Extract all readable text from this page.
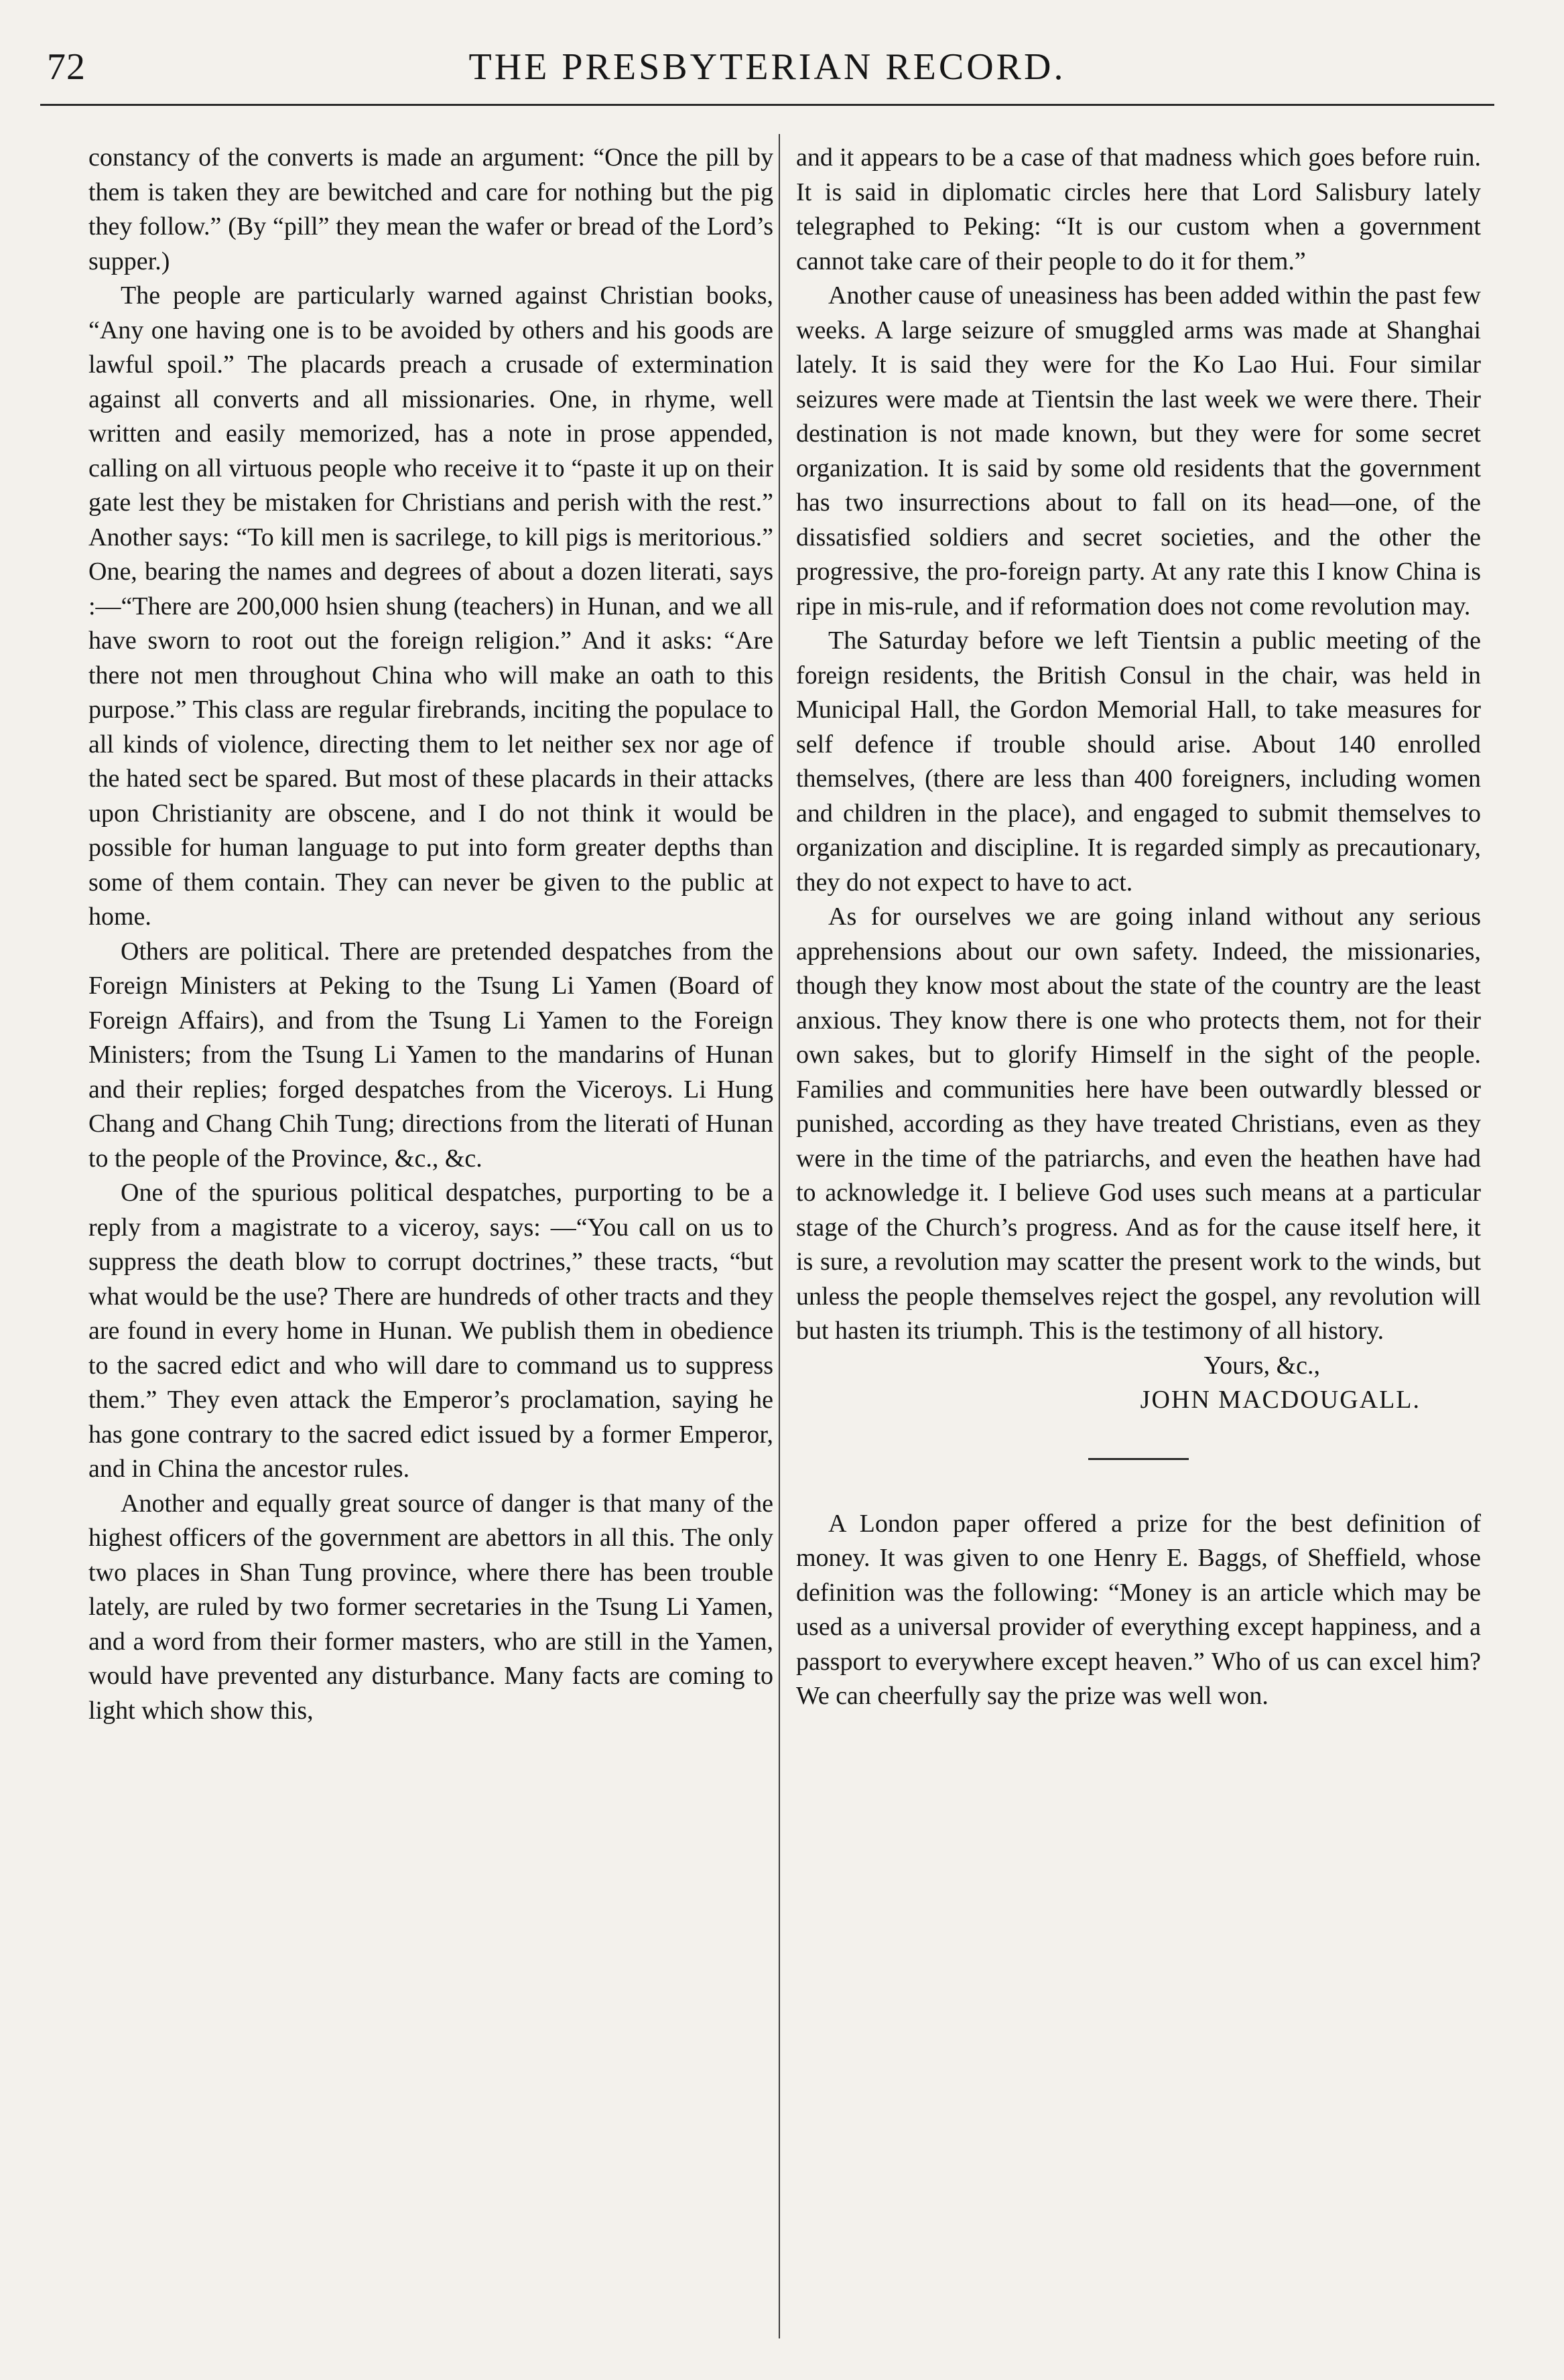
72	THE PRESBYTERIAN RECORD.

constancy of the converts is made an argument: “Once the pill by them is taken they are bewitched and care for nothing but the pig they follow.” (By “pill” they mean the wafer or bread of the Lord’s supper.)

The people are particularly warned against Christian books, “Any one having one is to be avoided by others and his goods are lawful spoil.” The placards preach a crusade of extermination against all converts and all missionaries. One, in rhyme, well written and easily memorized, has a note in prose appended, calling on all virtuous people who receive it to “paste it up on their gate lest they be mistaken for Christians and perish with the rest.” Another says: “To kill men is sacrilege, to kill pigs is meritorious.” One, bearing the names and degrees of about a dozen literati, says :—“There are 200,000 hsien shung (teachers) in Hunan, and we all have sworn to root out the foreign religion.” And it asks: “Are there not men throughout China who will make an oath to this purpose.” This class are regular firebrands, inciting the populace to all kinds of violence, directing them to let neither sex nor age of the hated sect be spared. But most of these placards in their attacks upon Christianity are obscene, and I do not think it would be possible for human language to put into form greater depths than some of them contain. They can never be given to the public at home.

Others are political. There are pretended despatches from the Foreign Ministers at Peking to the Tsung Li Yamen (Board of Foreign Affairs), and from the Tsung Li Yamen to the Foreign Ministers; from the Tsung Li Yamen to the mandarins of Hunan and their replies; forged despatches from the Viceroys. Li Hung Chang and Chang Chih Tung; directions from the literati of Hunan to the people of the Province, &c., &c.

One of the spurious political despatches, purporting to be a reply from a magistrate to a viceroy, says: —“You call on us to suppress the death blow to corrupt doctrines,” these tracts, “but what would be the use? There are hundreds of other tracts and they are found in every home in Hunan. We publish them in obedience to the sacred edict and who will dare to command us to suppress them.” They even attack the Emperor’s proclamation, saying he has gone contrary to the sacred edict issued by a former Emperor, and in China the ancestor rules.

Another and equally great source of danger is that many of the highest officers of the government are abettors in all this. The only two places in Shan Tung province, where there has been trouble lately, are ruled by two former secretaries in the Tsung Li Yamen, and a word from their former masters, who are still in the Yamen, would have prevented any disturbance. Many facts are coming to light which show this,

and it appears to be a case of that madness which goes before ruin. It is said in diplomatic circles here that Lord Salisbury lately telegraphed to Peking: “It is our custom when a government cannot take care of their people to do it for them.”

Another cause of uneasiness has been added within the past few weeks. A large seizure of smuggled arms was made at Shanghai lately. It is said they were for the Ko Lao Hui. Four similar seizures were made at Tientsin the last week we were there. Their destination is not made known, but they were for some secret organization. It is said by some old residents that the government has two insurrections about to fall on its head—one, of the dissatisfied soldiers and secret societies, and the other the progressive, the pro-foreign party. At any rate this I know China is ripe in mis-rule, and if reformation does not come revolution may.

The Saturday before we left Tientsin a public meeting of the foreign residents, the British Consul in the chair, was held in Municipal Hall, the Gordon Memorial Hall, to take measures for self defence if trouble should arise. About 140 enrolled themselves, (there are less than 400 foreigners, including women and children in the place), and engaged to submit themselves to organization and discipline. It is regarded simply as precautionary, they do not expect to have to act.

As for ourselves we are going inland without any serious apprehensions about our own safety. Indeed, the missionaries, though they know most about the state of the country are the least anxious. They know there is one who protects them, not for their own sakes, but to glorify Himself in the sight of the people. Families and communities here have been outwardly blessed or punished, according as they have treated Christians, even as they were in the time of the patriarchs, and even the heathen have had to acknowledge it. I believe God uses such means at a particular stage of the Church’s progress. And as for the cause itself here, it is sure, a revolution may scatter the present work to the winds, but unless the people themselves reject the gospel, any revolution will but hasten its triumph. This is the testimony of all history.

Yours, &c.,

JOHN MACDOUGALL.

A London paper offered a prize for the best definition of money. It was given to one Henry E. Baggs, of Sheffield, whose definition was the following: “Money is an article which may be used as a universal provider of everything except happiness, and a passport to everywhere except heaven.” Who of us can excel him? We can cheerfully say the prize was well won.
